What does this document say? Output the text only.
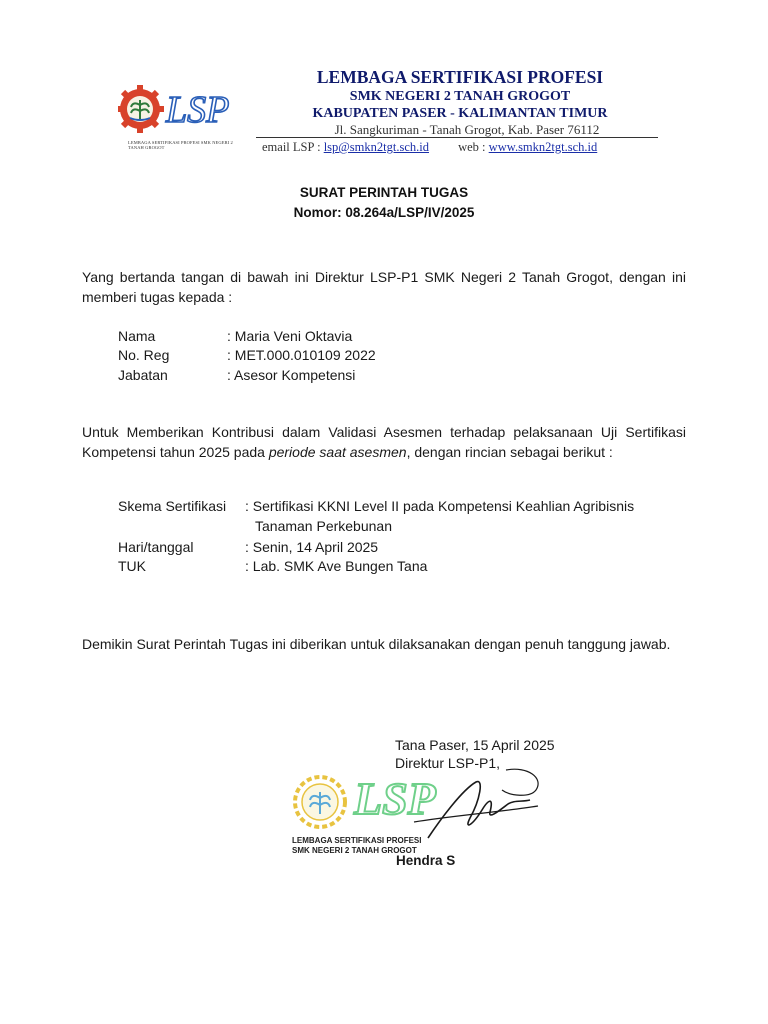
LSP
LEMBAGA SERTIFIKASI PROFESI SMK NEGERI 2 TANAH GROGOT
LEMBAGA SERTIFIKASI PROFESI
SMK NEGERI 2 TANAH GROGOT
KABUPATEN PASER - KALIMANTAN TIMUR
Jl. Sangkuriman - Tanah Grogot, Kab. Paser 76112
email LSP : lsp@smkn2tgt.sch.id web : www.smkn2tgt.sch.id
SURAT PERINTAH TUGAS
Nomor: 08.264a/LSP/IV/2025
Yang bertanda tangan di bawah ini Direktur LSP-P1 SMK Negeri 2 Tanah Grogot, dengan ini memberi tugas kepada :
Nama	: Maria Veni Oktavia
No. Reg	: MET.000.010109 2022
Jabatan	: Asesor Kompetensi
Untuk Memberikan Kontribusi dalam Validasi Asesmen terhadap pelaksanaan Uji Sertifikasi Kompetensi tahun 2025 pada periode saat asesmen, dengan rincian sebagai berikut :
Skema Sertifikasi : Sertifikasi KKNI Level II pada Kompetensi Keahlian Agribisnis
Tanaman Perkebunan
Hari/tanggal	: Senin, 14 April 2025
TUK	: Lab. SMK Ave Bungen Tana
Demikin Surat Perintah Tugas ini diberikan untuk dilaksanakan dengan penuh tanggung jawab.
Tana Paser, 15 April 2025
Direktur LSP-P1,
LSP
LEMBAGA SERTIFIKASI PROFESI
SMK NEGERI 2 TANAH GROGOT
Hendra S
